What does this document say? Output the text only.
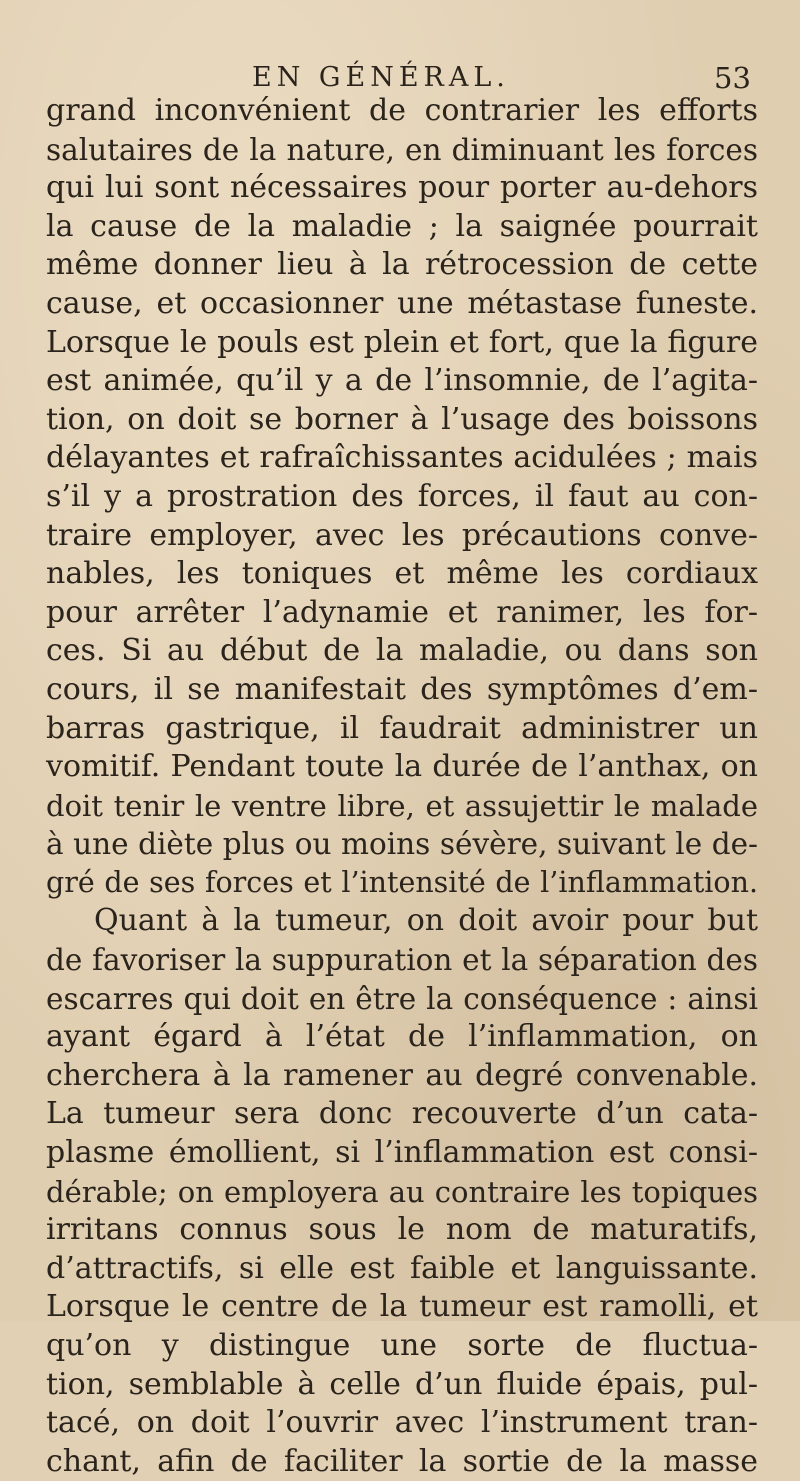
EN GÉNÉRAL.	53
grand inconvénient de contrarier les efforts
salutaires de la nature, en diminuant les forces
qui lui sont nécessaires pour porter au-dehors
la cause de la maladie ; la saignée pourrait
même donner lieu à la rétrocession de cette
cause, et occasionner une métastase funeste.
Lorsque le pouls est plein et fort, que la figure
est animée, qu’il y a de l’insomnie, de l’agita-
tion, on doit se borner à l’usage des boissons
délayantes et rafraîchissantes acidulées ; mais
s’il y a prostration des forces, il faut au con-
traire employer, avec les précautions conve-
nables, les toniques et même les cordiaux
pour arrêter l’adynamie et ranimer, les for-
ces. Si au début de la maladie, ou dans son
cours, il se manifestait des symptômes d’em-
barras gastrique, il faudrait administrer un
vomitif. Pendant toute la durée de l’anthax, on
doit tenir le ventre libre, et assujettir le malade
à une diète plus ou moins sévère, suivant le de-
gré de ses forces et l’intensité de l’inflammation.
Quant à la tumeur, on doit avoir pour but
de favoriser la suppuration et la séparation des
escarres qui doit en être la conséquence : ainsi
ayant égard à l’état de l’inflammation, on
cherchera à la ramener au degré convenable.
La tumeur sera donc recouverte d’un cata-
plasme émollient, si l’inflammation est consi-
dérable; on employera au contraire les topiques
irritans connus sous le nom de maturatifs,
d’attractifs, si elle est faible et languissante.
Lorsque le centre de la tumeur est ramolli, et
qu’on y distingue une sorte de fluctua-
tion, semblable à celle d’un fluide épais, pul-
tacé, on doit l’ouvrir avec l’instrument tran-
chant, afin de faciliter la sortie de la masse
